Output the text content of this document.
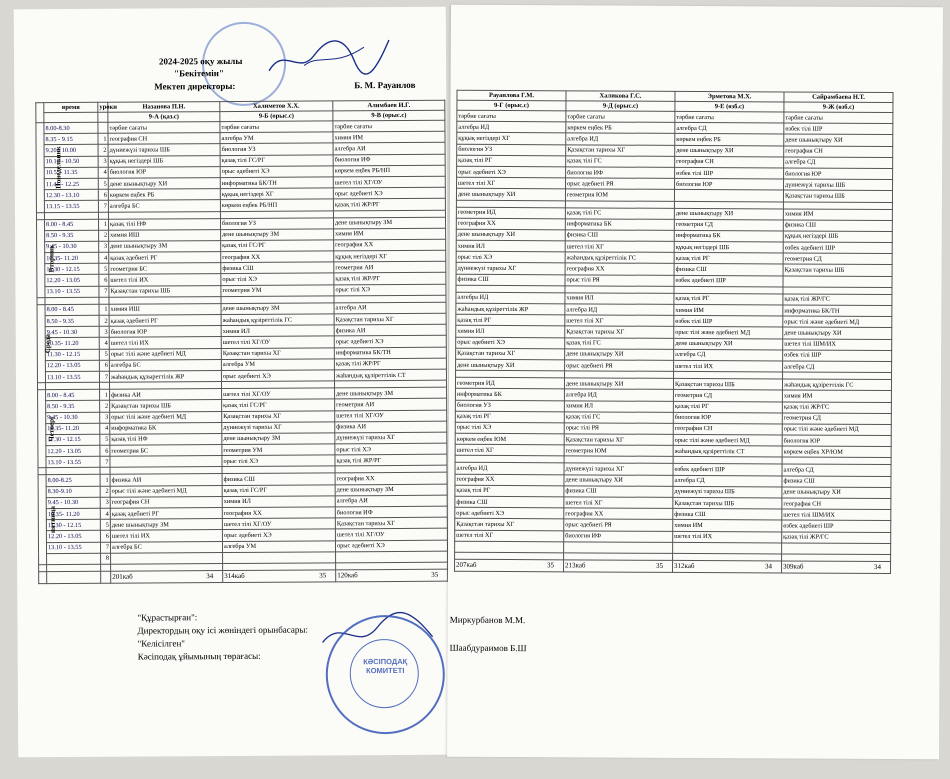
2024-2025 оқу жылы
"Бекітемін"
Мектеп директоры:	Б. М. Рауанлов
	время	уроки	Назанова П.Н.	Халиметов Х.Х.	Алимбаев И.Г.
			9-А (қаз.с)	9-Б (орыс.с)	9-В (орыс.с)
Понедельник	8.00-8.30		тәрбие сағаты	тәрбие сағаты	тәрбие сағаты
	8.35 - 9.15	1	география СН	алгебра УМ	химия ИМ
	9.20 - 10.00	2	дүниежүзі тарихы ШБ	биология УЗ	алгебра АИ
	10.10 - 10.50	3	құқық негіздері ШБ	қазақ тілі ГС/РГ	биология ИФ
	10.55- 11.35	4	биология ЮР	орыс әдебиеті ХЭ	көркем еңбек РБ/НП
	11.45 - 12.25	5	дене шынықтыру ХИ	информатика БК/ТН	шетел тілі ХГ/ОУ
	12.30 - 13.10	6	көркем еңбек РБ	құқық негіздері ХГ	орыс әдебиеті ХЭ
	13.15 - 13.55	7	алгебра БС	көркем еңбек РБ/НП	қазақ тілі ЖР/РГ

Вторник	8.00 - 8.45	1	қазақ тілі НФ	биология УЗ	дене шынықтыру ЗМ
	8.50 - 9.35	2	химия ИШ	дене шынықтыру ЗМ	химия ИМ
	9.45 - 10.30	3	дене шынықтыру ЗМ	қазақ тілі ГС/РГ	география ХХ
	10.35- 11.20	4	қазақ әдебиеті РГ	география ХХ	құқық негіздері ХГ
	11.30 - 12.15	5	геометрия БС	физика СШ	геометрия АИ
	12.20 - 13.05	6	шетел тілі ИХ	орыс тілі ХЭ	қазақ тілі ЖР/РГ
	13.10 - 13.55	7	Қазақстан тарихы ШБ	геометрия УМ	орыс тілі ХЭ

Среда	8.00 - 8.45	1	химия ИШ	дене шынықтыру ЗМ	алгебра АИ
	8.50 - 9.35	2	қазақ әдебиеті РГ	жаһандық құзіреттілік ГС	Қазақстан тарихы ХГ
	9.45 - 10.30	3	биология ЮР	химия ИЛ	физика АИ
	10.35- 11.20	4	шетел тілі ИХ	шетел тілі ХГ/ОУ	орыс әдебиеті ХЭ
	11.30 - 12.15	5	орыс тілі және әдебиеті МД	Қазақстан тарихы ХГ	информатика БК/ТН
	12.20 - 13.05	6	алгебра БС	алгебра УМ	қазақ тілі ЖР/РГ
	13.10 - 13.55	7	жаһандық құзыреттілік ЖР	орыс әдебиеті ХЭ	жаһандық құзіреттілік СТ

Четверг	8.00 - 8.45	1	физика АИ	шетел тілі ХГ/ОУ	дене шынықтыру ЗМ
	8.50 - 9.35	2	Қазақстан тарихы ШБ	қазақ тілі ГС/РГ	геометрия АИ
	9.45 - 10.30	3	орыс тілі және әдебиеті МД	Қазақстан тарихы ХГ	шетел тілі ХГ/ОУ
	10.35- 11.20	4	информатика БК	дүниежүзі тарихы ХГ	физика АИ
	11.30 - 12.15	5	қазақ тілі НФ	дене шынықтыру ЗМ	дүниежүзі тарихы ХГ
	12.20 - 13.05	6	геометрия БС	геометрия УМ	орыс тілі ХЭ
	13.10 - 13.55	7		орыс тілі ХЭ	қазақ тілі ЖР/РГ

пятница	8.00-8.25	1	физика АИ	физика СШ	география ХХ
	8.30-9.10	2	орыс тілі және әдебиеті МД	қазақ тілі ГС/РГ	дене шынықтыру ЗМ
	9.45 - 10.30	3	география СН	химия ИЛ	алгебра АИ
	10.35- 11.20	4	қазақ әдебиеті РГ	география ХХ	биология ИФ
	11.30 - 12.15	5	дене шынықтыру ЗМ	шетел тілі ХГ/ОУ	Қазақстан тарихы ХГ
	12.20 - 13.05	6	шетел тілі ИХ	орыс әдебиеті ХЭ	шетел тілі ХГ/ОУ
	13.10 - 13.55	7	алгебра БС	алгебра УМ	орыс әдебиеті ХЭ
		8			

			201каб 34	314каб 35	120каб 35
"Құрастырған":
Директордың оқу ісі жөніндегі орынбасары:
"Келісілген"
Кәсіподақ ұйымының төрағасы:	КӘСІПОДАҚ
КОМИТЕТІ
Рауанлова Г.М.	Халикова Г.С.	Эрметова М.Х.	Сайрамбаева Н.Т.
9-Г (орыс.с)	9-Д (орыс.с)	9-Е (өзб.с)	9-Ж (өзб.с)
тәрбие сағаты	тәрбие сағаты	тәрбие сағаты	тәрбие сағаты
алгебра ИД	көркем еңбек РБ	алгебра СД	өзбек тілі ШР
құқық негіздері ХГ	алгебра ИД	көркем еңбек РБ	дене шынықтыру ХИ
биология УЗ	Қазақстан тарихы ХГ	дене шынықтыру ХИ	география СН
қазақ тілі РГ	қазақ тілі ГС	география СН	алгебра СД
орыс әдебиеті ХЭ	биология ИФ	өзбек тілі ШР	биология ЮР
шетел тілі ХГ	орыс әдебиеті РЯ	биология ЮР	дүниежүзі тарихы ШБ
дене шынықтыру ХИ	геометрия ЮМ		Қазақстан тарихы ШБ

геометрия ИД	қазақ тілі ГС	дене шынықтыру ХИ	химия ИМ
география ХХ	информатика БК	геометрия СД	физика СШ
дене шынықтыру ХИ	физика СШ	информатика БК	құқық негіздері ШБ
химия ИЛ	шетел тілі ХГ	құқық негіздері ШБ	өзбек әдебиеті ШР
орыс тілі ХЭ	жаһандық құзіреттілік ГС	қазақ тілі РГ	геометрия СД
дүниежүзі тарихы ХГ	география ХХ	физика СШ	Қазақстан тарихы ШБ
физика СШ	орыс тілі РЯ	өзбек әдебиеті ШР	

алгебра ИД	химия ИЛ	қазақ тілі РГ	қазақ тілі ЖР/ГС
жаһандық құзіреттілік ЖР	алгебра ИД	химия ИМ	информатика БК/ТН
қазақ тілі РГ	шетел тілі ХГ	өзбек тілі ШР	орыс тілі және әдебиеті МД
химия ИЛ	Қазақстан тарихы ХГ	орыс тілі және әдебиеті МД	дене шынықтыру ХИ
орыс әдебиеті ХЭ	қазақ тілі ГС	дене шынықтыру ХИ	шетел тілі ШМ/ИХ
Қазақстан тарихы ХГ	дене шынықтыру ХИ	алгебра СД	өзбек тілі ШР
дене шынықтыру ХИ	орыс әдебиеті РЯ	шетел тілі ИХ	алгебра СД

геометрия ИД	дене шынықтыру ХИ	Қазақстан тарихы ШБ	жаһандық құзіреттілік ГС
информатика БК	алгебра ИД	геометрия СД	химия ИМ
биология УЗ	химия ИЛ	қазақ тілі РГ	қазақ тілі ЖР/ГС
қазақ тілі РГ	қазақ тілі ГС	биология ЮР	геометрия СД
орыс тілі ХЭ	орыс тілі РЯ	география СН	орыс тілі және әдебиеті МД
көркем еңбек ЮМ	Қазақстан тарихы ХГ	орыс тілі және әдебиеті МД	биология ЮР
шетел тілі ХГ	геометрия ЮМ	жаһандық құзіреттілік СТ	көркем еңбек ХР/ЮМ

алгебра ИД	дүниежүзі тарихы ХГ	өзбек әдебиеті ШР	алгебра СД
география ХХ	дене шынықтыру ХИ	алгебра СД	физика СШ
қазақ тілі РГ	физика СШ	дүниежүзі тарихы ШБ	дене шынықтыру ХИ
физика СШ	шетел тілі ХГ	Қазақстан тарихы ШБ	география СН
орыс әдебиеті ХЭ	география ХХ	физика СШ	шетел тілі ШМ/ИХ
Қазақстан тарихы ХГ	орыс әдебиеті РЯ	химия ИМ	өзбек әдебиеті ШР
шетел тілі ХГ	биология ИФ	шетел тілі ИХ	қазақ тілі ЖР/ГС

207каб 35	213каб 35	312каб 34	309каб 34
Миркурбанов М.М.
Шаабдураимов Б.Ш
